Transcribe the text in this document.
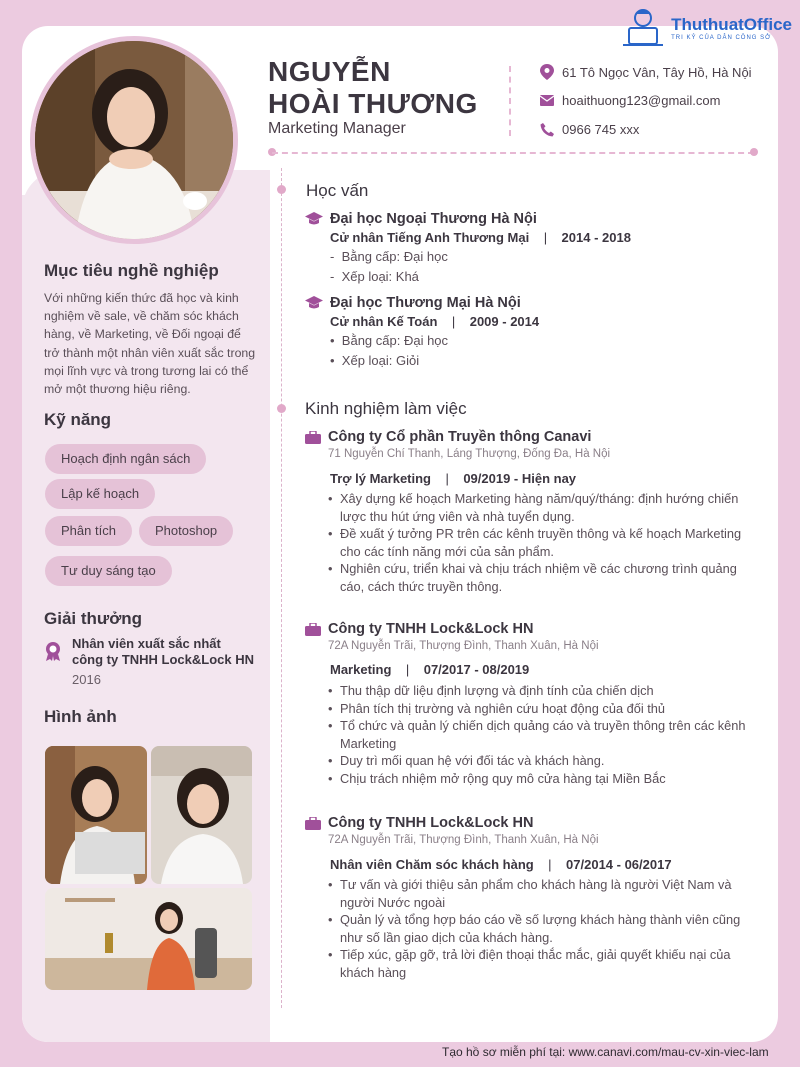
ThuthuatOffice
TRI KỶ CỦA DÂN CÔNG SỞ
NGUYỄN
HOÀI THƯƠNG
Marketing Manager
61 Tô Ngọc Vân, Tây Hồ, Hà Nội
hoaithuong123@gmail.com
0966 745 xxx
Mục tiêu nghề nghiệp
Với những kiến thức đã học và kinh nghiệm về sale, về chăm sóc khách hàng, về Marketing, về Đối ngoại để trở thành một nhân viên xuất sắc trong mọi lĩnh vực và trong tương lai có thể mở một thương hiệu riêng.
Kỹ năng
Hoạch định ngân sách
Lập kế hoạch
Phân tích	Photoshop
Tư duy sáng tạo
Giải thưởng
Nhân viên xuất sắc nhất
công ty TNHH Lock&Lock HN
2016
Hình ảnh
Học vấn
Đại học Ngoại Thương Hà Nội
Cử nhân Tiếng Anh Thương Mại    |    2014 - 2018
- Bằng cấp: Đại học
- Xếp loại: Khá
Đại học Thương Mại Hà Nội
Cử nhân Kế Toán    |    2009 - 2014
• Bằng cấp: Đại học
• Xếp loại: Giỏi
Kinh nghiệm làm việc
Công ty Cổ phần Truyền thông Canavi
71 Nguyễn Chí Thanh, Láng Thượng, Đống Đa, Hà Nội
Trợ lý Marketing    |    09/2019 - Hiện nay
• Xây dựng kế hoạch Marketing hàng năm/quý/tháng: định hướng chiến lược thu hút ứng viên và nhà tuyển dụng.
• Đề xuất ý tưởng PR trên các kênh truyền thông và kế hoạch Marketing cho các tính năng mới của sản phẩm.
• Nghiên cứu, triển khai và chịu trách nhiệm về các chương trình quảng cáo, cách thức truyền thông.
Công ty TNHH Lock&Lock HN
72A Nguyễn Trãi, Thượng Đình, Thanh Xuân, Hà Nội
Marketing    |    07/2017 - 08/2019
• Thu thập dữ liệu định lượng và định tính của chiến dịch
• Phân tích thị trường và nghiên cứu hoạt động của đối thủ
• Tổ chức và quản lý chiến dịch quảng cáo và truyền thông trên các kênh Marketing
• Duy trì mối quan hệ với đối tác và khách hàng.
• Chịu trách nhiệm mở rộng quy mô cửa hàng tại Miền Bắc
Công ty TNHH Lock&Lock HN
72A Nguyễn Trãi, Thượng Đình, Thanh Xuân, Hà Nội
Nhân viên Chăm sóc khách hàng    |    07/2014 - 06/2017
• Tư vấn và giới thiệu sản phẩm cho khách hàng là người Việt Nam và người Nước ngoài
• Quản lý và tổng hợp báo cáo về số lượng khách hàng thành viên cũng như số lần giao dịch của khách hàng.
• Tiếp xúc, gặp gỡ, trả lời điện thoại thắc mắc, giải quyết khiếu nại của khách hàng
Tạo hồ sơ miễn phí tại: www.canavi.com/mau-cv-xin-viec-lam
